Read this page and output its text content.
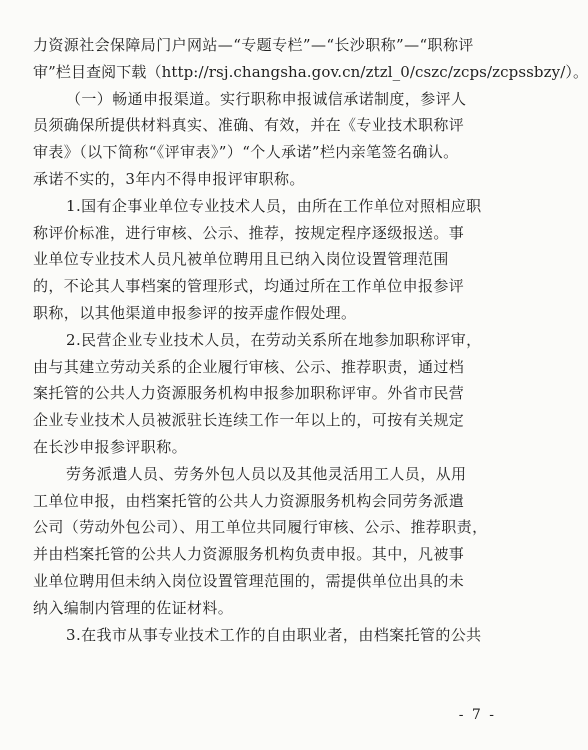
力资源社会保障局门户网站—“专题专栏”—“长沙职称”—“职称评
审”栏目查阅下载（http://rsj.changsha.gov.cn/ztzl_0/cszc/zcps/zcpssbzy/）。
（一）畅通申报渠道。实行职称申报诚信承诺制度，参评人
员须确保所提供材料真实、准确、有效，并在《专业技术职称评
审表》（以下简称“《评审表》”）“个人承诺”栏内亲笔签名确认。
承诺不实的，3年内不得申报评审职称。
1.国有企事业单位专业技术人员，由所在工作单位对照相应职
称评价标准，进行审核、公示、推荐，按规定程序逐级报送。事
业单位专业技术人员凡被单位聘用且已纳入岗位设置管理范围
的，不论其人事档案的管理形式，均通过所在工作单位申报参评
职称，以其他渠道申报参评的按弄虚作假处理。
2.民营企业专业技术人员，在劳动关系所在地参加职称评审，
由与其建立劳动关系的企业履行审核、公示、推荐职责，通过档
案托管的公共人力资源服务机构申报参加职称评审。外省市民营
企业专业技术人员被派驻长连续工作一年以上的，可按有关规定
在长沙申报参评职称。
劳务派遣人员、劳务外包人员以及其他灵活用工人员，从用
工单位申报，由档案托管的公共人力资源服务机构会同劳务派遣
公司（劳动外包公司）、用工单位共同履行审核、公示、推荐职责，
并由档案托管的公共人力资源服务机构负责申报。其中，凡被事
业单位聘用但未纳入岗位设置管理范围的，需提供单位出具的未
纳入编制内管理的佐证材料。
3.在我市从事专业技术工作的自由职业者，由档案托管的公共
- 7 -
